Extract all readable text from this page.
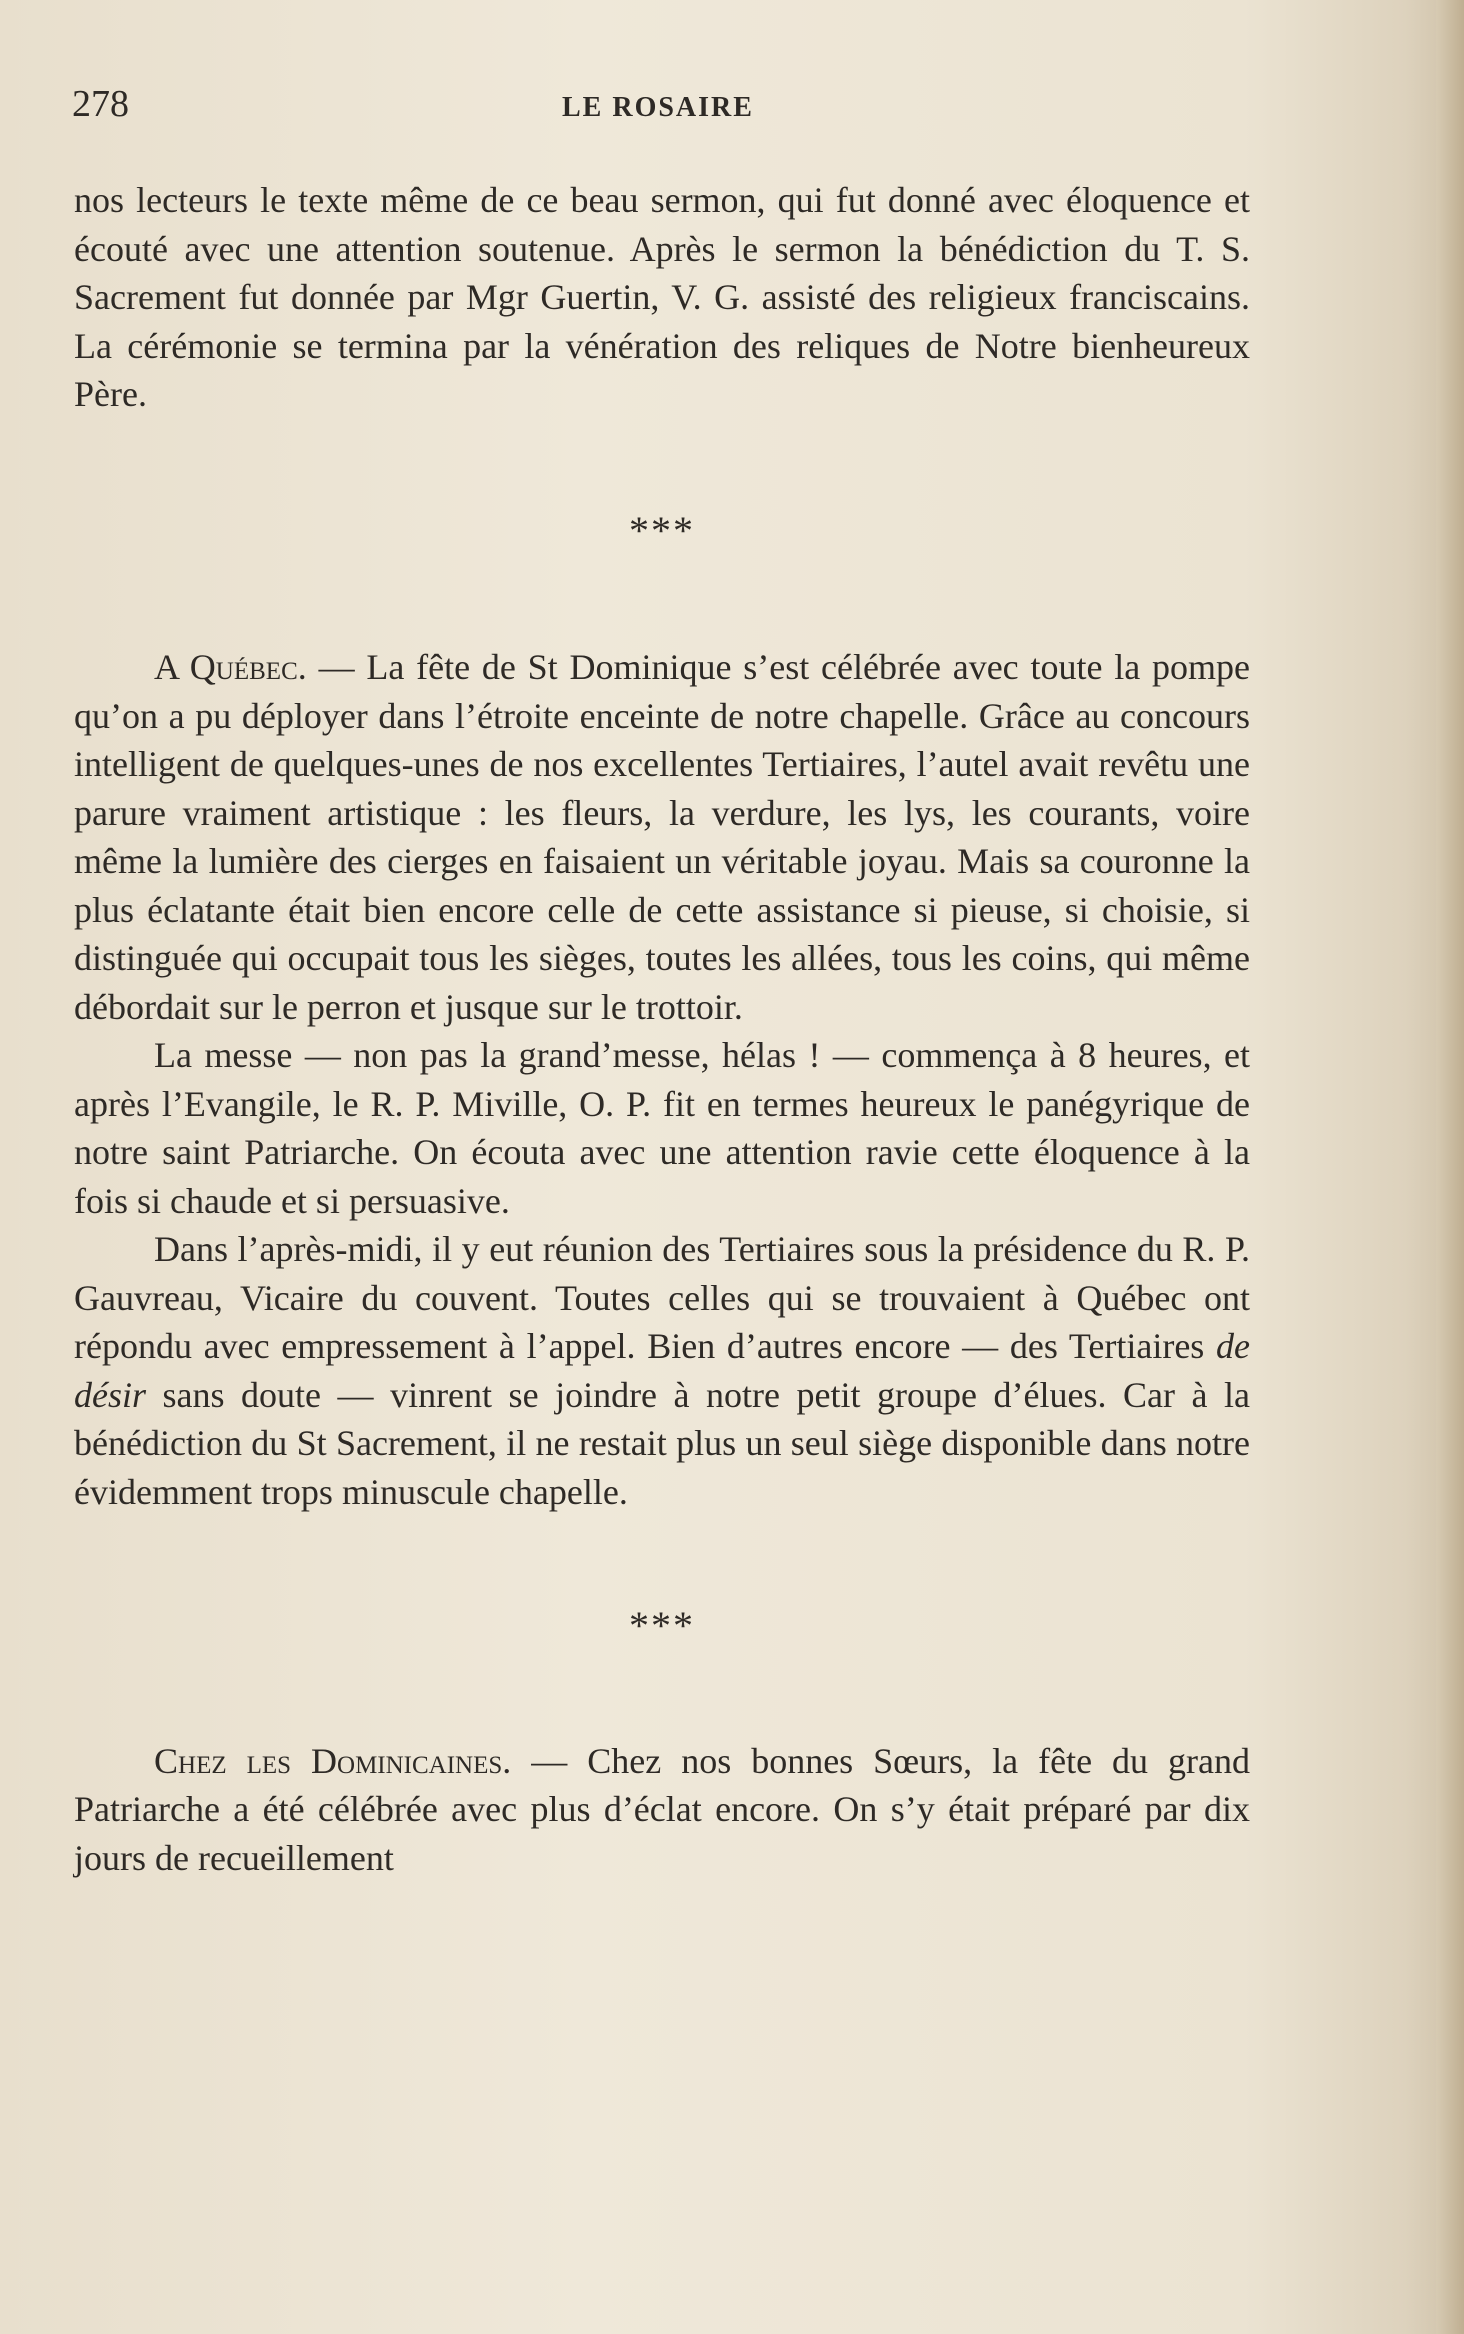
278	LE ROSAIRE

nos lecteurs le texte même de ce beau sermon, qui fut donné avec éloquence et écouté avec une attention soutenue. Après le sermon la bénédiction du T. S. Sacrement fut donnée par Mgr Guertin, V. G. assisté des religieux franciscains. La cérémonie se termina par la vénération des reliques de Notre bienheureux Père.

***

A Québec. — La fête de St Dominique s’est célébrée avec toute la pompe qu’on a pu déployer dans l’étroite enceinte de notre chapelle. Grâce au concours intelligent de quelques-unes de nos excellentes Tertiaires, l’autel avait revêtu une parure vraiment artistique : les fleurs, la verdure, les lys, les courants, voire même la lumière des cierges en faisaient un véritable joyau. Mais sa couronne la plus éclatante était bien encore celle de cette assistance si pieuse, si choisie, si distinguée qui occupait tous les sièges, toutes les allées, tous les coins, qui même débordait sur le perron et jusque sur le trottoir.

La messe — non pas la grand’messe, hélas ! — commença à 8 heures, et après l’Evangile, le R. P. Miville, O. P. fit en termes heureux le panégyrique de notre saint Patriarche. On écouta avec une attention ravie cette éloquence à la fois si chaude et si persuasive.

Dans l’après-midi, il y eut réunion des Tertiaires sous la présidence du R. P. Gauvreau, Vicaire du couvent. Toutes celles qui se trouvaient à Québec ont répondu avec empressement à l’appel. Bien d’autres encore — des Tertiaires de désir sans doute — vinrent se joindre à notre petit groupe d’élues. Car à la bénédiction du St Sacrement, il ne restait plus un seul siège disponible dans notre évidemment trops minuscule chapelle.

***

Chez les Dominicaines. — Chez nos bonnes Sœurs, la fête du grand Patriarche a été célébrée avec plus d’éclat encore. On s’y était préparé par dix jours de recueillement
